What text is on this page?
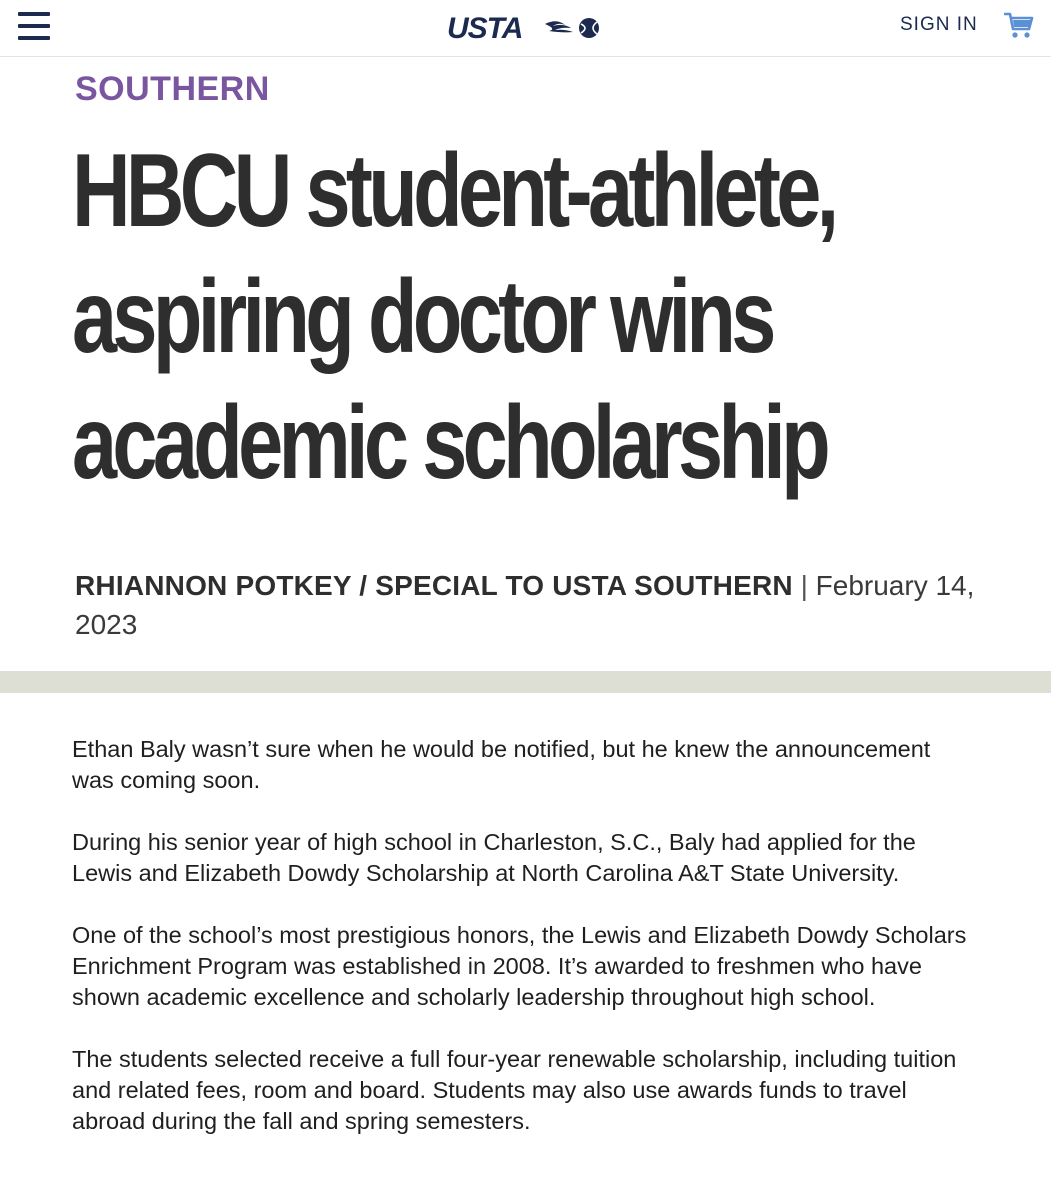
USTA	SIGN IN
SOUTHERN
HBCU student-athlete,
aspiring doctor wins
academic scholarship
RHIANNON POTKEY / SPECIAL TO USTA SOUTHERN | February 14, 2023

Ethan Baly wasn’t sure when he would be notified, but he knew the announcement was coming soon.

During his senior year of high school in Charleston, S.C., Baly had applied for the Lewis and Elizabeth Dowdy Scholarship at North Carolina A&T State University.

One of the school’s most prestigious honors, the Lewis and Elizabeth Dowdy Scholars Enrichment Program was established in 2008. It’s awarded to freshmen who have shown academic excellence and scholarly leadership throughout high school.

The students selected receive a full four-year renewable scholarship, including tuition and related fees, room and board. Students may also use awards funds to travel abroad during the fall and spring semesters.
